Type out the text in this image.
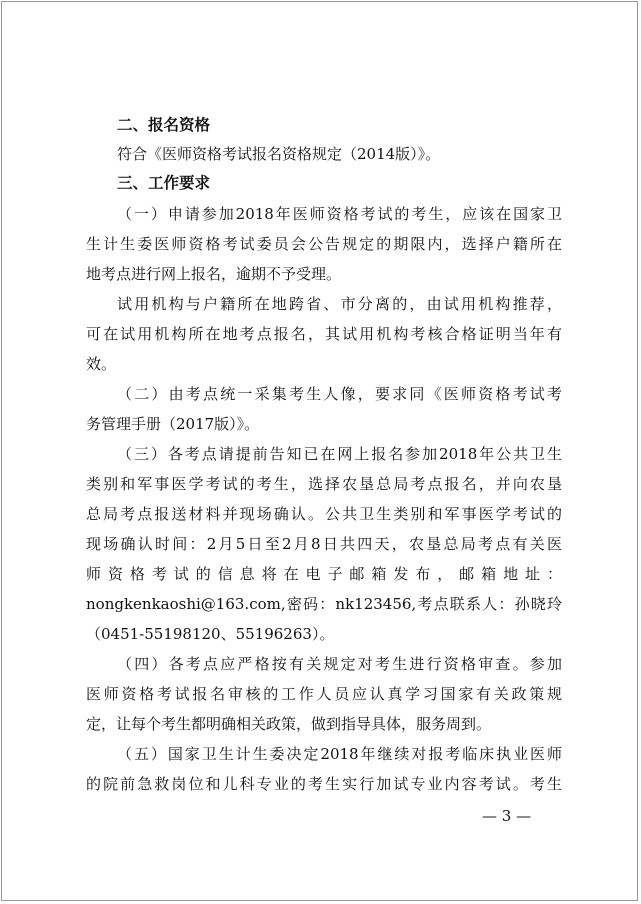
二、报名资格
符合《医师资格考试报名资格规定（2014版）》。
三、工作要求
（一）申请参加2018年医师资格考试的考生，应该在国家卫
生计生委医师资格考试委员会公告规定的期限内，选择户籍所在
地考点进行网上报名，逾期不予受理。
试用机构与户籍所在地跨省、市分离的，由试用机构推荐，
可在试用机构所在地考点报名，其试用机构考核合格证明当年有
效。
（二）由考点统一采集考生人像，要求同《医师资格考试考
务管理手册（2017版）》。
（三）各考点请提前告知已在网上报名参加2018年公共卫生
类别和军事医学考试的考生，选择农垦总局考点报名，并向农垦
总局考点报送材料并现场确认。公共卫生类别和军事医学考试的
现场确认时间：2月5日至2月8日共四天，农垦总局考点有关医
师资格考试的信息将在电子邮箱发布，邮箱地址：
nongkenkaoshi@163.com,密码：nk123456,考点联系人：孙晓玲
（0451-55198120、55196263）。
（四）各考点应严格按有关规定对考生进行资格审查。参加
医师资格考试报名审核的工作人员应认真学习国家有关政策规
定，让每个考生都明确相关政策，做到指导具体，服务周到。
（五）国家卫生计生委决定2018年继续对报考临床执业医师
的院前急救岗位和儿科专业的考生实行加试专业内容考试。考生
— 3 —
